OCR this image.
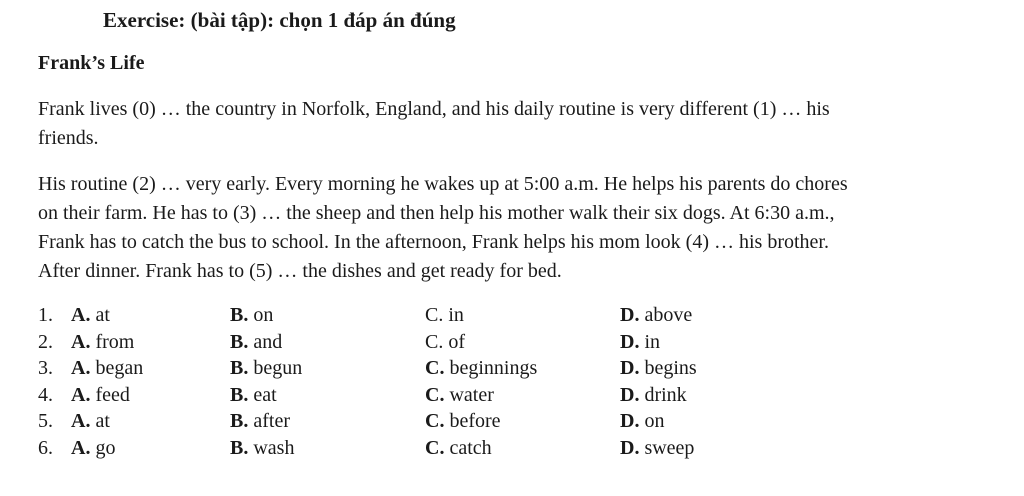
Exercise: (bài tập): chọn 1 đáp án đúng
Frank’s Life
Frank lives (0) … the country in Norfolk, England, and his daily routine is very different (1) … his
friends.
His routine (2) … very early. Every morning he wakes up at 5:00 a.m. He helps his parents do chores
on their farm. He has to (3) … the sheep and then help his mother walk their six dogs. At 6:30 a.m.,
Frank has to catch the bus to school. In the afternoon, Frank helps his mom look (4) … his brother.
After dinner. Frank has to (5) … the dishes and get ready for bed.
1. A. at	B. on	C. in	D. above
2. A. from	B. and	C. of	D. in
3. A. began	B. begun	C. beginnings	D. begins
4. A. feed	B. eat	C. water	D. drink
5. A. at	B. after	C. before	D. on
6. A. go	B. wash	C. catch	D. sweep
